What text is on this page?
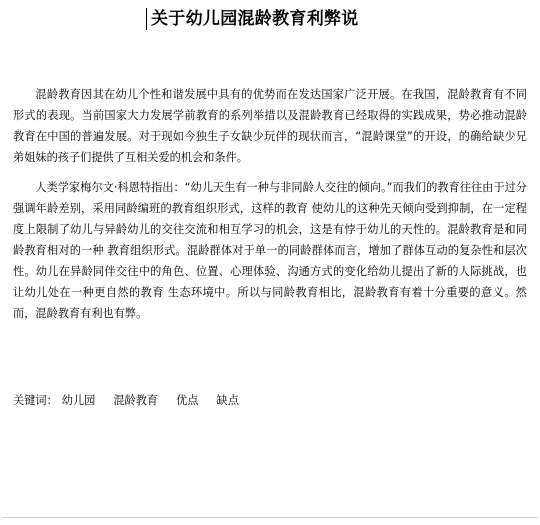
关于幼儿园混龄教育利弊说

混龄教育因其在幼儿个性和谐发展中具有的优势而在发达国家广泛开展。在我国，混龄教育有不同形式的表现。当前国家大力发展学前教育的系列举措以及混龄教育已经取得的实践成果，势必推动混龄教育在中国的普遍发展。对于现如今独生子女缺少玩伴的现状而言，“混龄课堂”的开设，的确给缺少兄弟姐妹的孩子们提供了互相关爱的机会和条件。

人类学家梅尔文·科恩特指出：“幼儿天生有一种与非同龄人交往的倾向。”而我们的教育往往由于过分强调年龄差别，采用同龄编班的教育组织形式，这样的教育 使幼儿的这种先天倾向受到抑制，在一定程度上限制了幼儿与异龄幼儿的交往交流和相互学习的机会，这是有悖于幼儿的天性的。混龄教育是和同龄教育相对的一种 教育组织形式。混龄群体对于单一的同龄群体而言，增加了群体互动的复杂性和层次性。幼儿在异龄同伴交往中的角色、位置、心理体验、沟通方式的变化给幼儿提出了新的人际挑战，也让幼儿处在一种更自然的教育 生态环境中。所以与同龄教育相比，混龄教育有着十分重要的意义。然而，混龄教育有利也有弊。

关键词： 幼儿园 混龄教育 优点 缺点
